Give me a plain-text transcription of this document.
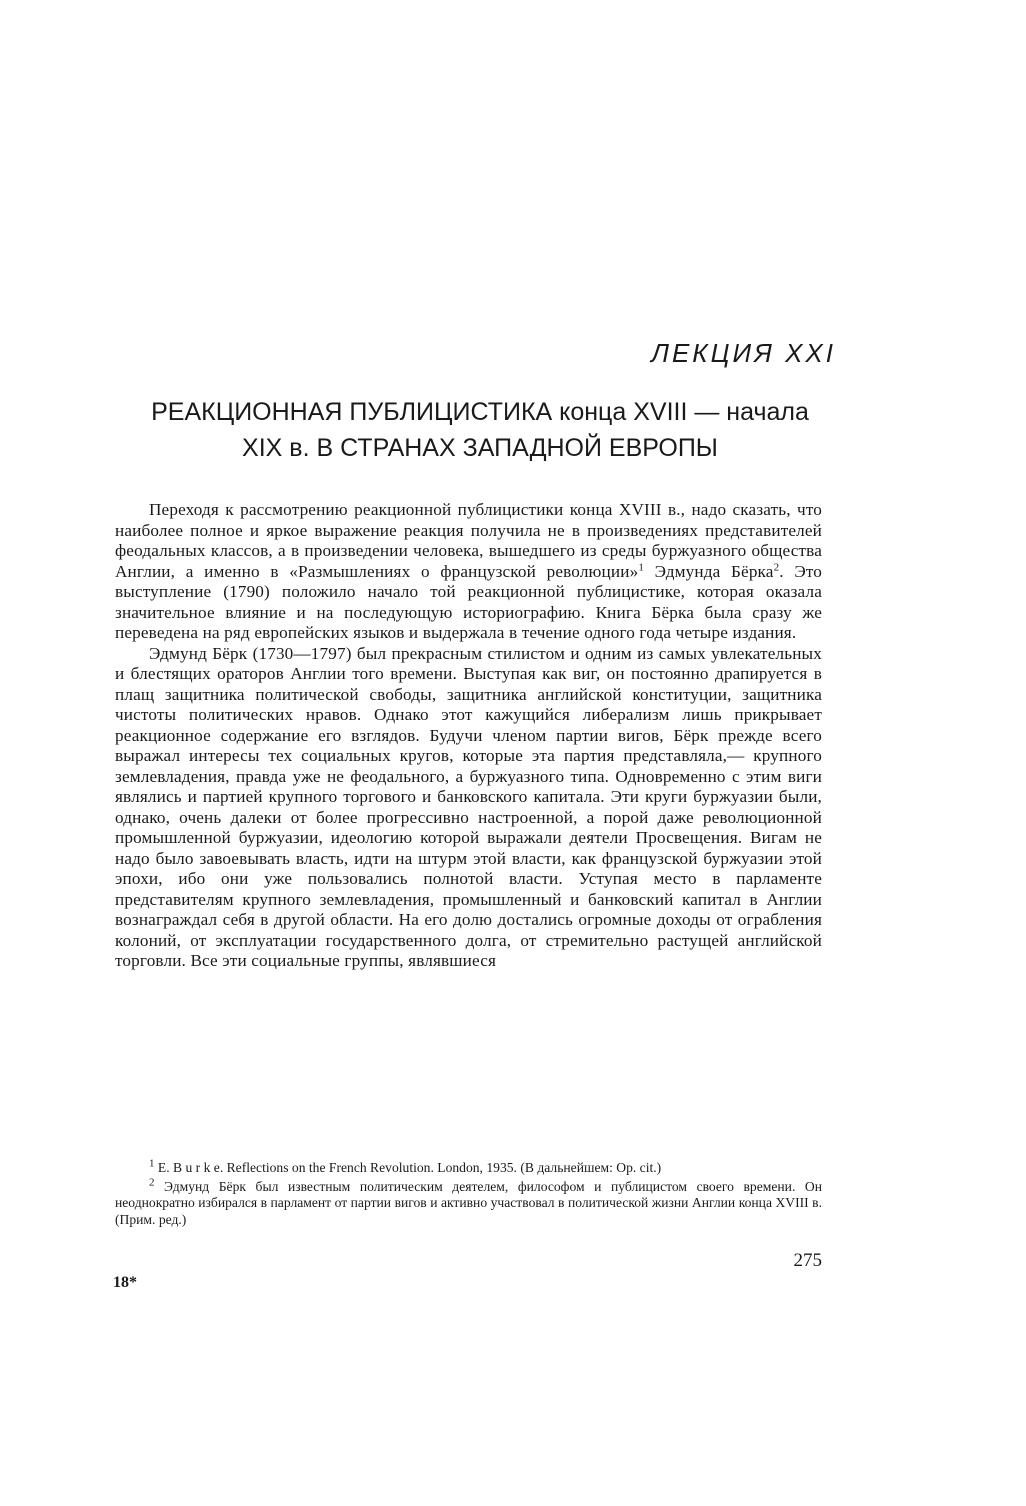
ЛЕКЦИЯ XXI
РЕАКЦИОННАЯ ПУБЛИЦИСТИКА конца XVIII — начала
XIX в. В СТРАНАХ ЗАПАДНОЙ ЕВРОПЫ

Переходя к рассмотрению реакционной публицистики конца XVIII в., надо сказать, что наиболее полное и яркое выражение реакция получила не в произведениях представителей феодальных классов, а в произведении человека, вышедшего из среды буржуазного общества Англии, а именно в «Размышлениях о французской революции»$^1$ Эдмунда Бёрка$^2$. Это выступление (1790) положило начало той реакционной публицистике, которая оказала значительное влияние и на последующую историографию. Книга Бёрка была сразу же переведена на ряд европейских языков и выдержала в течение одного года четыре издания.

Эдмунд Бёрк (1730—1797) был прекрасным стилистом и одним из самых увлекательных и блестящих ораторов Англии того времени. Выступая как виг, он постоянно драпируется в плащ защитника политической свободы, защитника английской конституции, защитника чистоты политических нравов. Однако этот кажущийся либерализм лишь прикрывает реакционное содержание его взглядов. Будучи членом партии вигов, Бёрк прежде всего выражал интересы тех социальных кругов, которые эта партия представляла,— крупного землевладения, правда уже не феодального, а буржуазного типа. Одновременно с этим виги являлись и партией крупного торгового и банковского капитала. Эти круги буржуазии были, однако, очень далеки от более прогрессивно настроенной, а порой даже революционной промышленной буржуазии, идеологию которой выражали деятели Просвещения. Вигам не надо было завоевывать власть, идти на штурм этой власти, как французской буржуазии этой эпохи, ибо они уже пользовались полнотой власти. Уступая место в парламенте представителям крупного землевладения, промышленный и банковский капитал в Англии вознаграждал себя в другой области. На его долю достались огромные доходы от ограбления колоний, от эксплуатации государственного долга, от стремительно растущей английской торговли. Все эти социальные группы, являвшиеся

$^1$ E. B u r k e. Reflections on the French Revolution. London, 1935. (В дальнейшем: Op. cit.)

$^2$ Эдмунд Бёрк был известным политическим деятелем, философом и публицистом своего времени. Он неоднократно избирался в парламент от партии вигов и активно участвовал в политической жизни Англии конца XVIII в. (Прим. ред.)

275
18*
